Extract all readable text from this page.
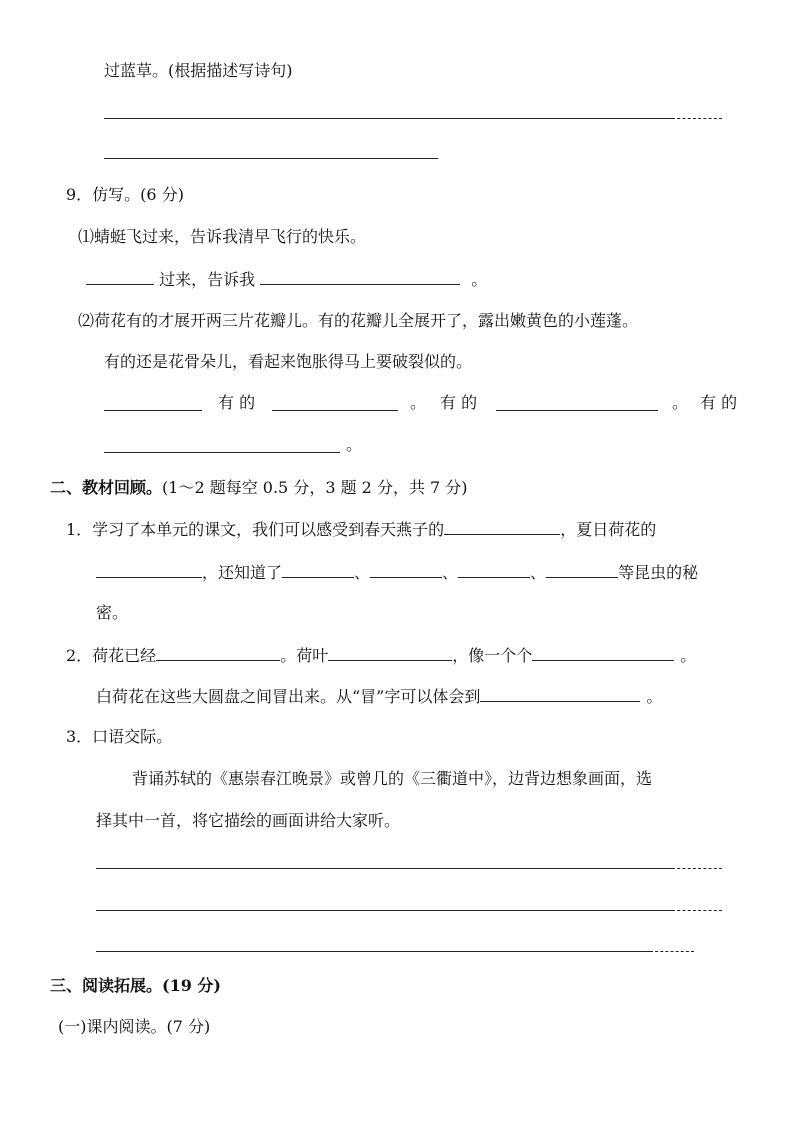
过蓝草。(根据描述写诗句)
9．仿写。(6 分)
⑴蜻蜓飞过来，告诉我清早飞行的快乐。
过来，告诉我	。
⑵荷花有的才展开两三片花瓣儿。有的花瓣儿全展开了，露出嫩黄色的小莲蓬。
有的还是花骨朵儿，看起来饱胀得马上要破裂似的。
有 的	。 有 的	。 有 的
。
二、教材回顾。(1～2 题每空 0.5 分，3 题 2 分，共 7 分)
1．学习了本单元的课文，我们可以感受到春天燕子的	，夏日荷花的
，还知道了	、	、	、	等昆虫的秘
密。
2．荷花已经	。荷叶	，像一个个	。
白荷花在这些大圆盘之间冒出来。从“冒”字可以体会到	。
3．口语交际。
背诵苏轼的《惠崇春江晚景》或曾几的《三衢道中》，边背边想象画面，选
择其中一首，将它描绘的画面讲给大家听。
三、阅读拓展。(19 分)
(一)课内阅读。(7 分)
